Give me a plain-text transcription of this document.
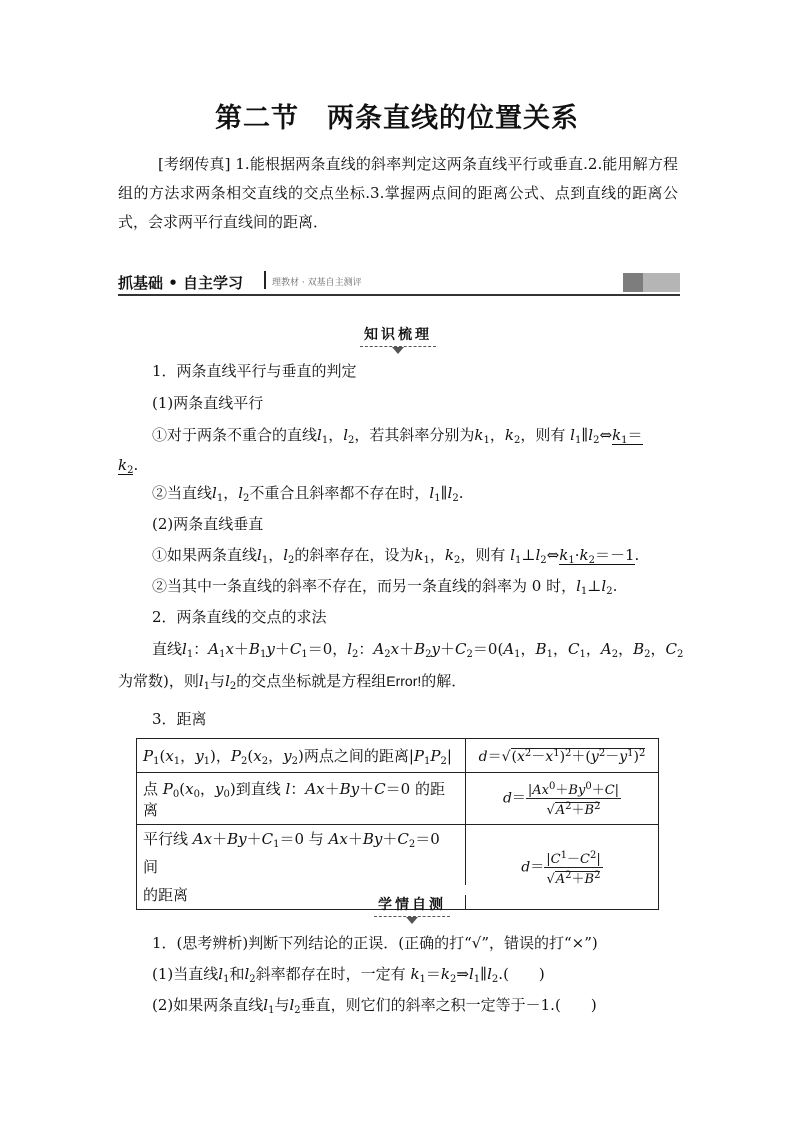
第二节　两条直线的位置关系
[考纲传真] 1.能根据两条直线的斜率判定这两条直线平行或垂直.2.能用解方程组的方法求两条相交直线的交点坐标.3.掌握两点间的距离公式、点到直线的距离公式，会求两平行直线间的距离．
抓基础 • 自主学习	理教材 · 双基自主测评
知识梳理
1．两条直线平行与垂直的判定
(1)两条直线平行
①对于两条不重合的直线$l_1$，$l_2$，若其斜率分别为$k_1$，$k_2$，则有 $l_1\parallel l_2\Leftrightarrow k_1=$
$k_2$.
②当直线$l_1$，$l_2$不重合且斜率都不存在时，$l_1\parallel l_2$.
(2)两条直线垂直
①如果两条直线$l_1$，$l_2$的斜率存在，设为$k_1$，$k_2$，则有 $l_1\perp l_2\Leftrightarrow k_1\cdot k_2=-1$.
②当其中一条直线的斜率不存在，而另一条直线的斜率为 0 时，$l_1\perp l_2$.
2．两条直线的交点的求法
直线$l_1$：$A_1x+B_1y+C_1=0$，$l_2$：$A_2x+B_2y+C_2=0(A_1$，$B_1$，$C_1$，$A_2$，$B_2$，$C_2$
为常数)，则$l_1$与$l_2$的交点坐标就是方程组Error!的解．
3．距离
$P_1(x_1$，$y_1$)，$P_2(x_2$，$y_2$)两点之间的距离$|P_1P_2|$	$d=√(x^2-x^1)^2+(y^2-y^1)^2$
点 $P_0(x_0$，$y_0$)到直线 l：Ax＋By＋C＝0 的距离	$d= \frac{|Ax^0+By^0+C|}{√A^2+B^2}$

平行线 $Ax+By+C_1=0$ 与 $Ax+By+C_2=0$ 间
的距离	$d= \frac{|C^1-C^2|}{√A^2+B^2}$
学情自测
1．(思考辨析)判断下列结论的正误．(正确的打“√”，错误的打“×”)
(1)当直线$l_1$和$l_2$斜率都存在时，一定有 $k_1=k_2\Rightarrow l_1\parallel l_2$.(　　)
(2)如果两条直线$l_1$与$l_2$垂直，则它们的斜率之积一定等于－1.(　　)
